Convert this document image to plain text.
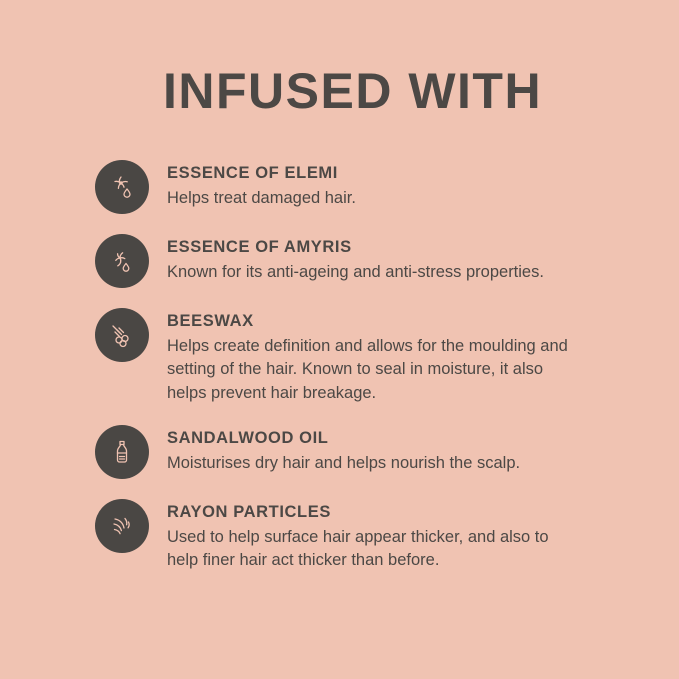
INFUSED WITH

ESSENCE OF ELEMI

Helps treat damaged hair.

ESSENCE OF AMYRIS

Known for its anti-ageing and anti-stress properties.

BEESWAX

Helps create definition and allows for the moulding and setting of the hair. Known to seal in moisture, it also helps prevent hair breakage.

SANDALWOOD OIL

Moisturises dry hair and helps nourish the scalp.

RAYON PARTICLES

Used to help surface hair appear thicker, and also to help finer hair act thicker than before.
